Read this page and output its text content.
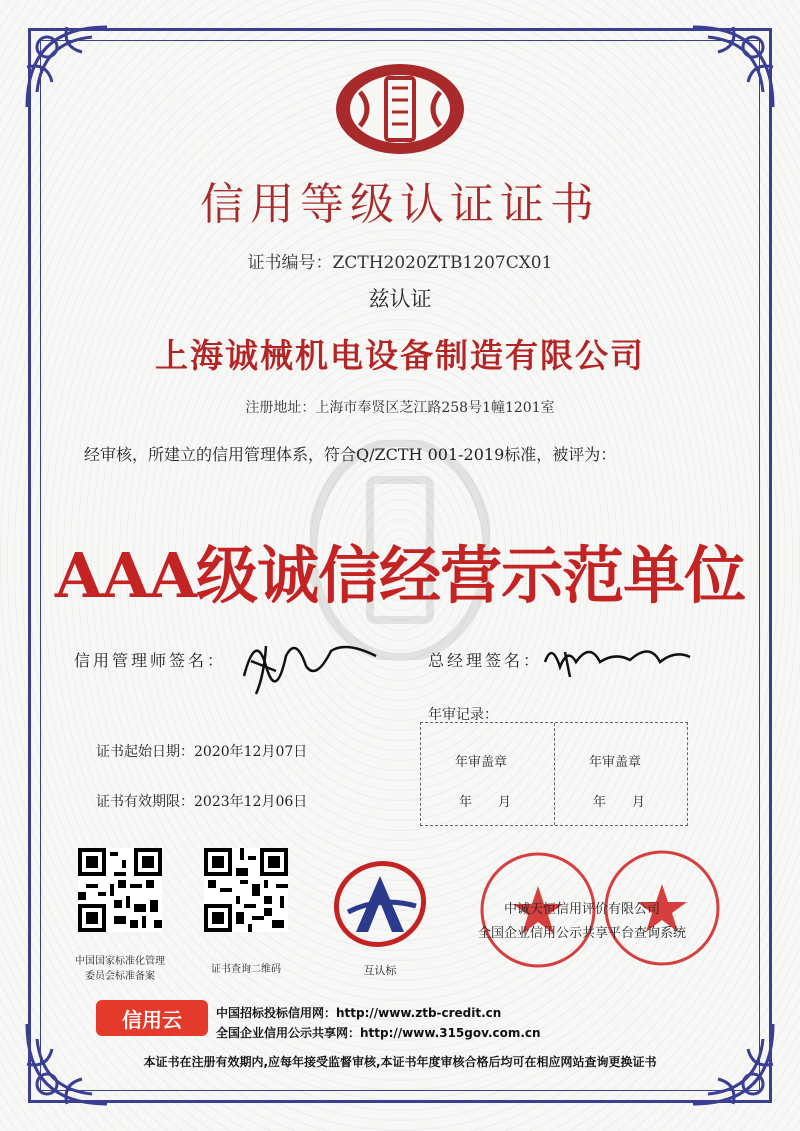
信用等级认证证书
证书编号：ZCTH2020ZTB1207CX01
兹认证
上海诚械机电设备制造有限公司
注册地址：上海市奉贤区芝江路258号1幢1201室
经审核，所建立的信用管理体系，符合Q/ZCTH 001-2019标准，被评为：
AAA级诚信经营示范单位
信用管理师签名：	总经理签名：
证书起始日期：2020年12月07日
证书有效期限：2023年12月06日
年审记录：
年审盖章
年　　月
年审盖章
年　　月
中国国家标准化管理
委员会标准备案
证书查询二维码	互认标
中诚天恒信用评价有限公司
全国企业信用公示共享平台查询系统
信用云	中国招标投标信用网：http://www.ztb-credit.cn
全国企业信用公示共享网：http://www.315gov.com.cn
本证书在注册有效期内,应每年接受监督审核,本证书年度审核合格后均可在相应网站查询更换证书
